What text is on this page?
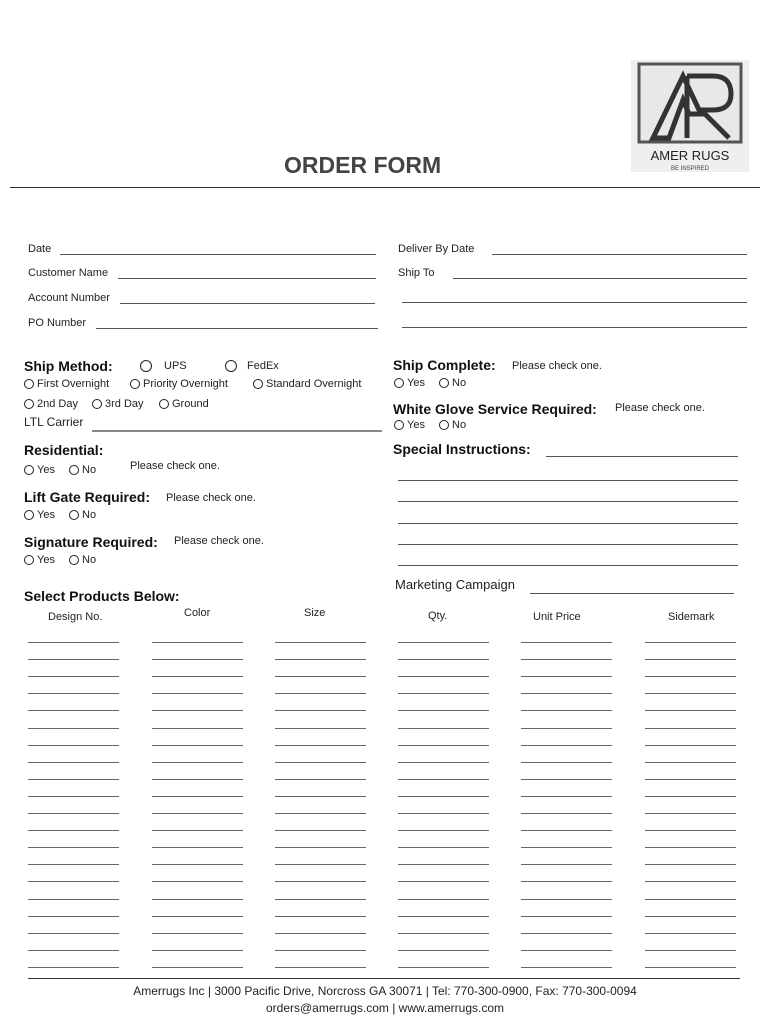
AMER RUGS
BE INSPIRED
ORDER FORM
Date
Customer Name
Account Number
PO Number
Deliver By Date
Ship To
Ship Method:	UPS	FedEx
First Overnight	Priority Overnight	Standard Overnight
2nd Day 3rd Day	Ground
LTL Carrier
Ship Complete: Please check one.
Yes No
White Glove Service Required: Please check one.
Yes No
Residential:
Please check one.
Yes No
Special Instructions:
Lift Gate Required: Please check one.
Yes No
Signature Required: Please check one.
Yes No
Marketing Campaign
Select Products Below:
Design No.	Color	Size	Qty.	Unit Price	Sidemark
Amerrugs Inc | 3000 Pacific Drive, Norcross GA 30071 | Tel: 770-300-0900, Fax: 770-300-0094
orders@amerrugs.com | www.amerrugs.com
